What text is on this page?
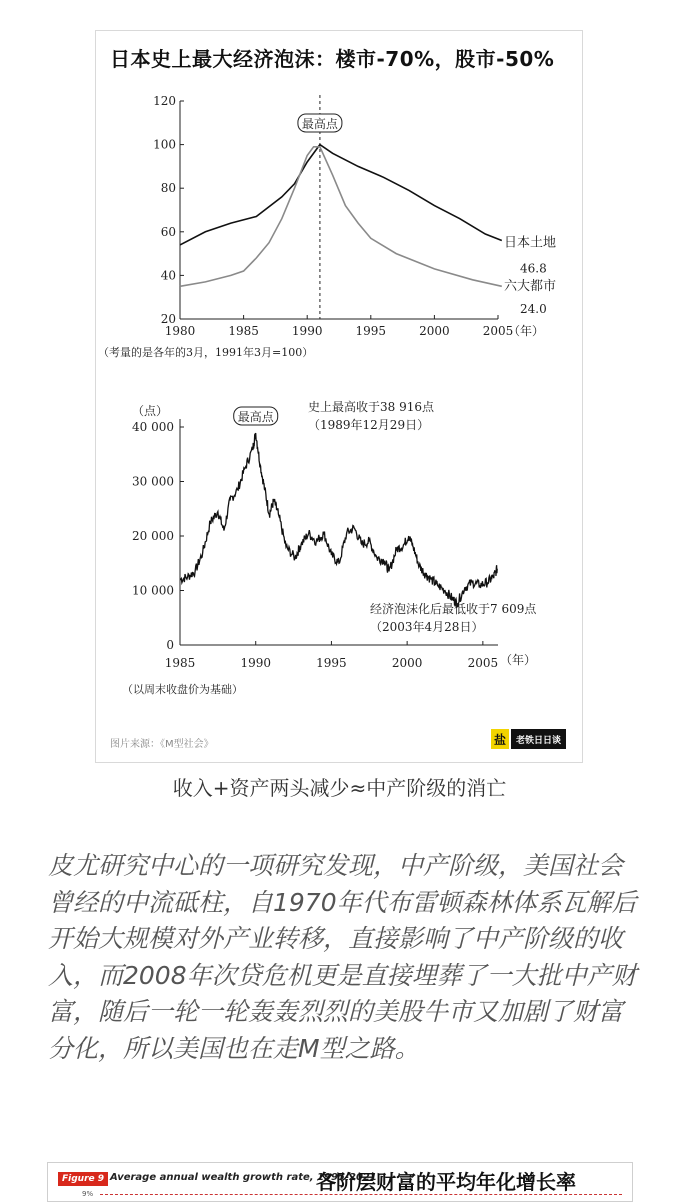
日本史上最大经济泡沫：楼市-70%，股市-50%
20
40
60
80
100
120
1980	1985	1990	1995	2000	2005
（年）
（考量的是各年的3月，1991年3月=100）
最高点
日本土地
46.8
六大都市
24.0
（点）
0
10 000
20 000
30 000
40 000
1985	1990	1995	2000	2005 （年）
（以周末收盘价为基础）
最高点
史上最高收于38 916点
（1989年12月29日）
经济泡沫化后最低收于7 609点
（2003年4月28日）
图片来源：《M型社会》	盐	老铁日日谈
收入+资产两头减少≈中产阶级的消亡
皮尤研究中心的一项研究发现，中产阶级，美国社会曾经的中流砥柱，自1970年代布雷顿森林体系瓦解后开始大规模对外产业转移，直接影响了中产阶级的收入，而2008年次贷危机更是直接埋葬了一大批中产财富，随后一轮一轮轰轰烈烈的美股牛市又加剧了财富分化，所以美国也在走M型之路。
Figure 9 Average annual wealth growth rate, 1995-2021
各阶层财富的平均年化增长率
9%
